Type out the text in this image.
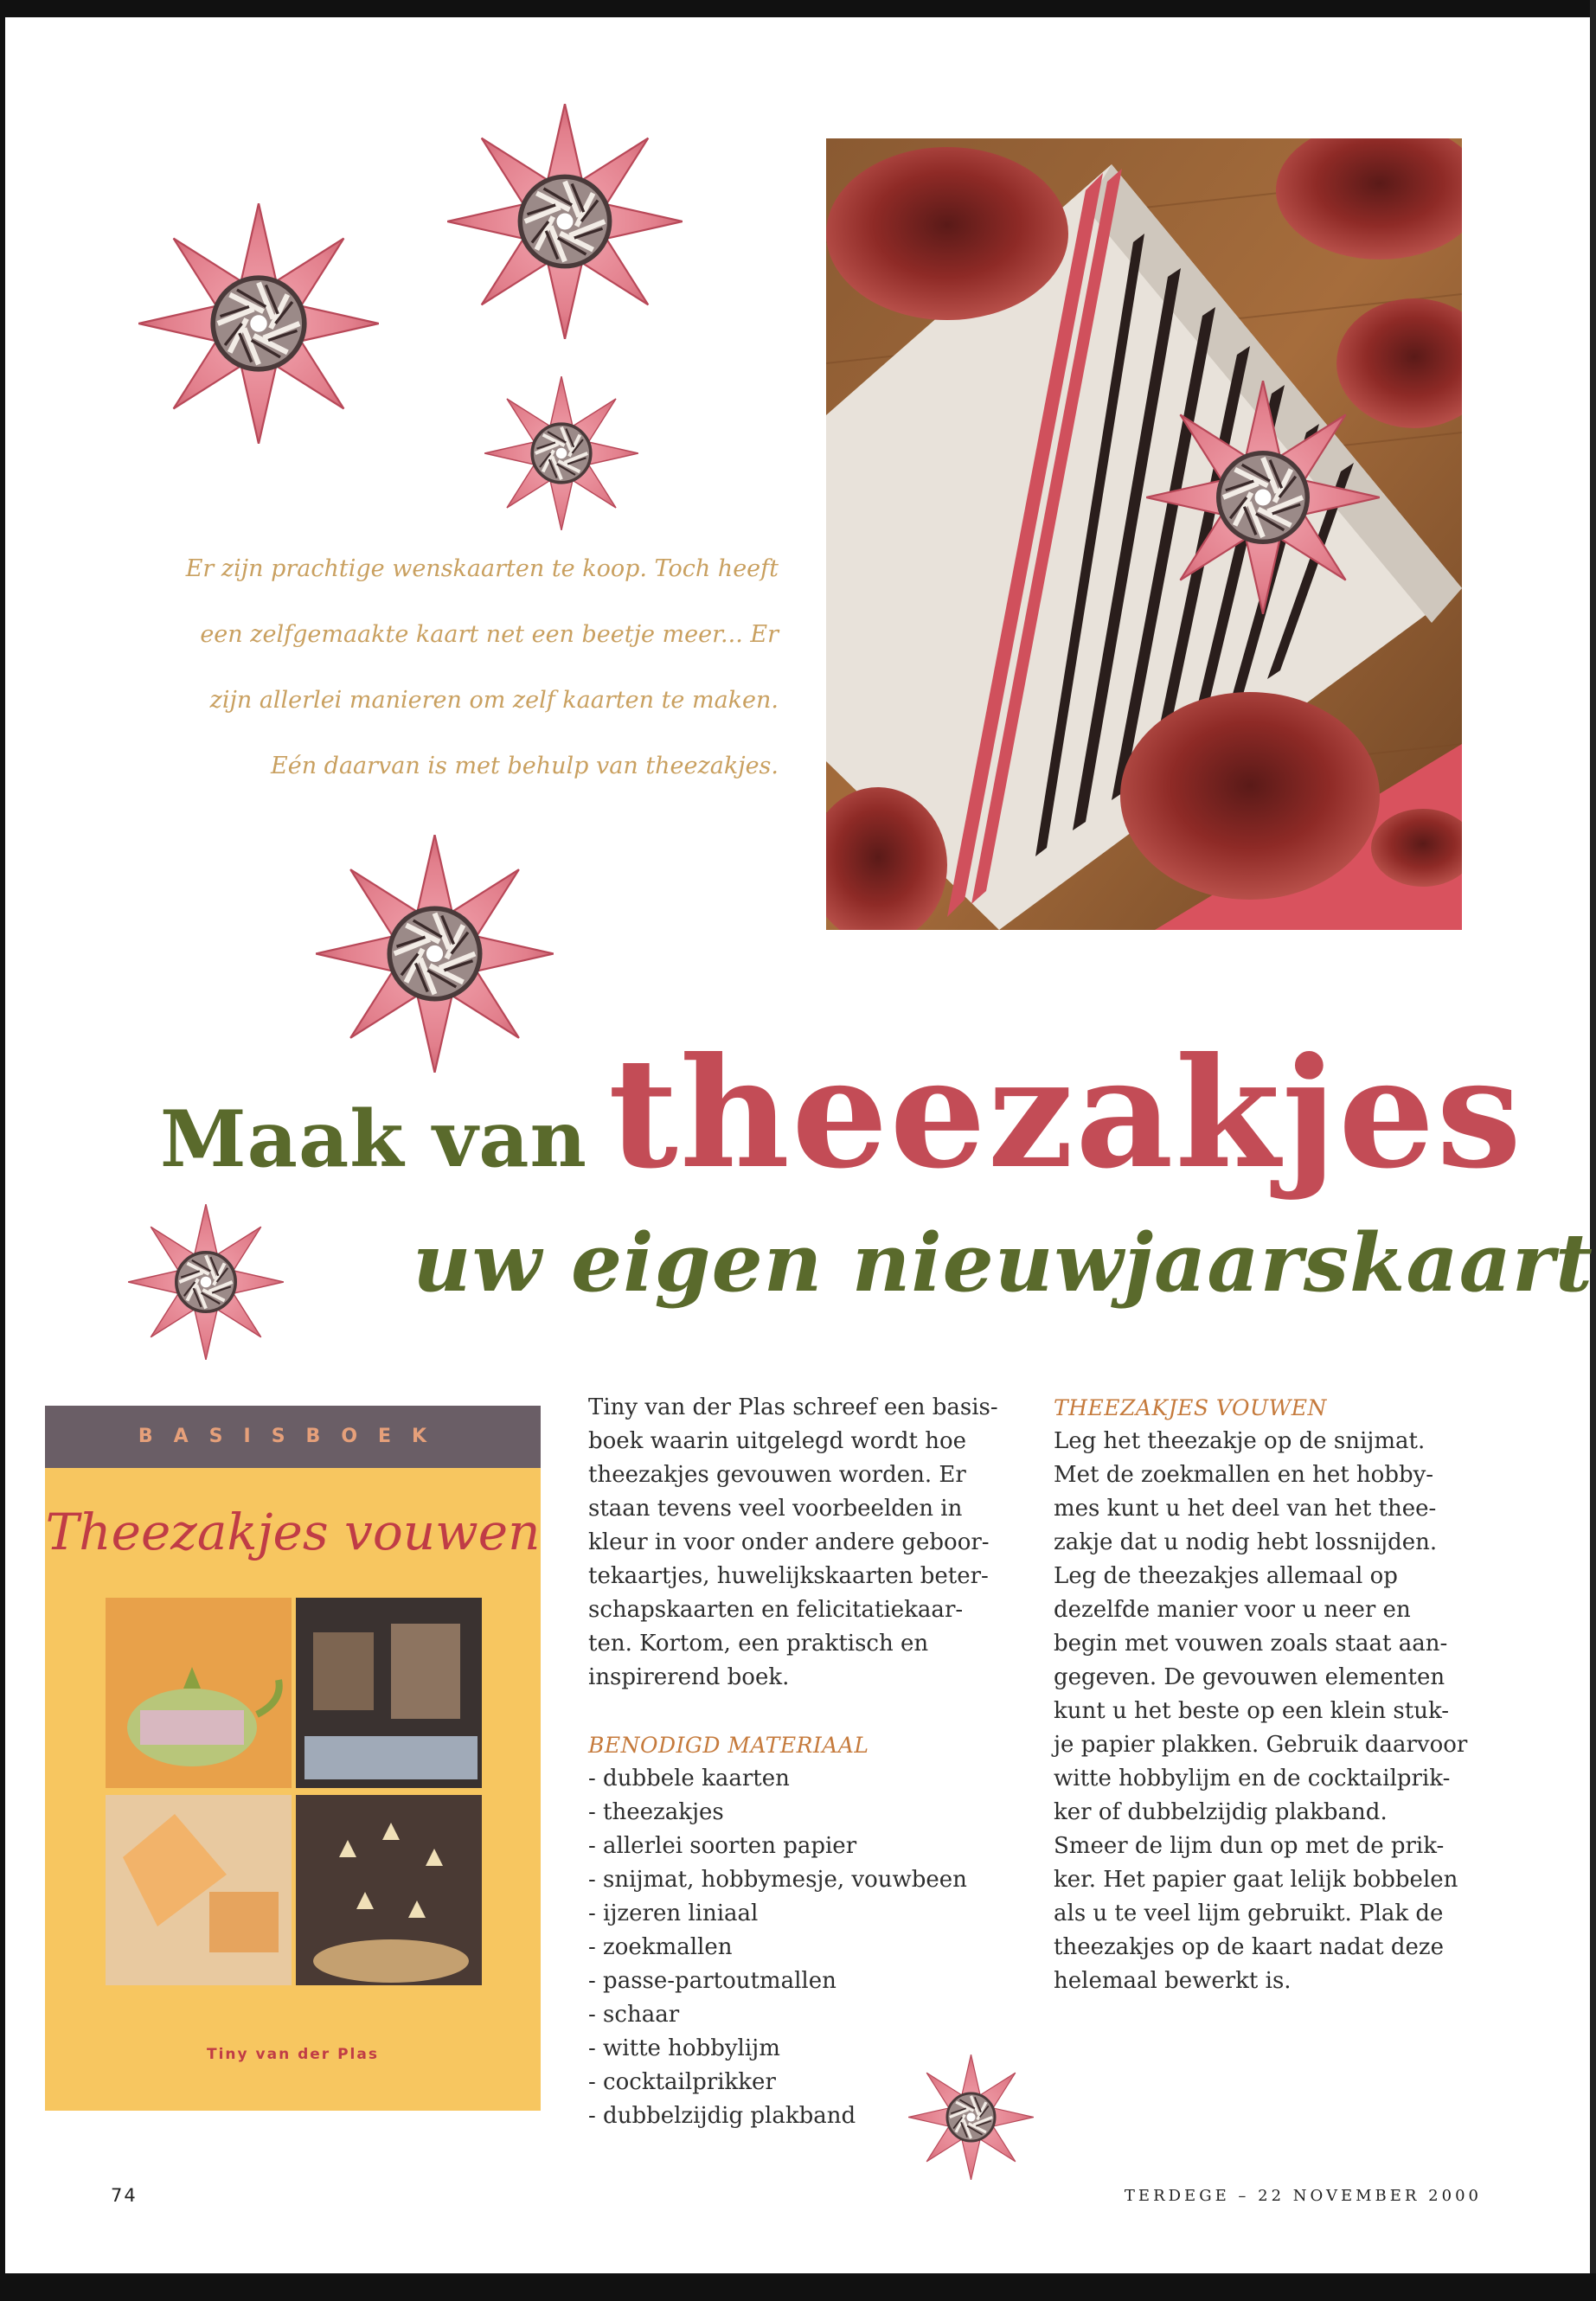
Er zijn prachtige wenskaarten te koop. Toch heeft

een zelfgemaakte kaart net een beetje meer... Er

zijn allerlei manieren om zelf kaarten te maken.

Eén daarvan is met behulp van theezakjes.

Maak van theezakjes
uw eigen nieuwjaarskaart
BASISBOEK
Theezakjes vouwen
Tiny van der Plas

Tiny van der Plas schreef een basis-

boek waarin uitgelegd wordt hoe

theezakjes gevouwen worden. Er

staan tevens veel voorbeelden in

kleur in voor onder andere geboor-

tekaartjes, huwelijkskaarten beter-

schapskaarten en felicitatiekaar-

ten. Kortom, een praktisch en

inspirerend boek.

BENODIGD MATERIAAL

- dubbele kaarten
- theezakjes
- allerlei soorten papier
- snijmat, hobbymesje, vouwbeen
- ijzeren liniaal
- zoekmallen
- passe-partoutmallen
- schaar
- witte hobbylijm
- cocktailprikker
- dubbelzijdig plakband

THEEZAKJES VOUWEN

Leg het theezakje op de snijmat.

Met de zoekmallen en het hobby-

mes kunt u het deel van het thee-

zakje dat u nodig hebt lossnijden.

Leg de theezakjes allemaal op

dezelfde manier voor u neer en

begin met vouwen zoals staat aan-

gegeven. De gevouwen elementen

kunt u het beste op een klein stuk-

je papier plakken. Gebruik daarvoor

witte hobbylijm en de cocktailprik-

ker of dubbelzijdig plakband.

Smeer de lijm dun op met de prik-

ker. Het papier gaat lelijk bobbelen

als u te veel lijm gebruikt. Plak de

theezakjes op de kaart nadat deze

helemaal bewerkt is.

74	TERDEGE – 22 NOVEMBER 2000
